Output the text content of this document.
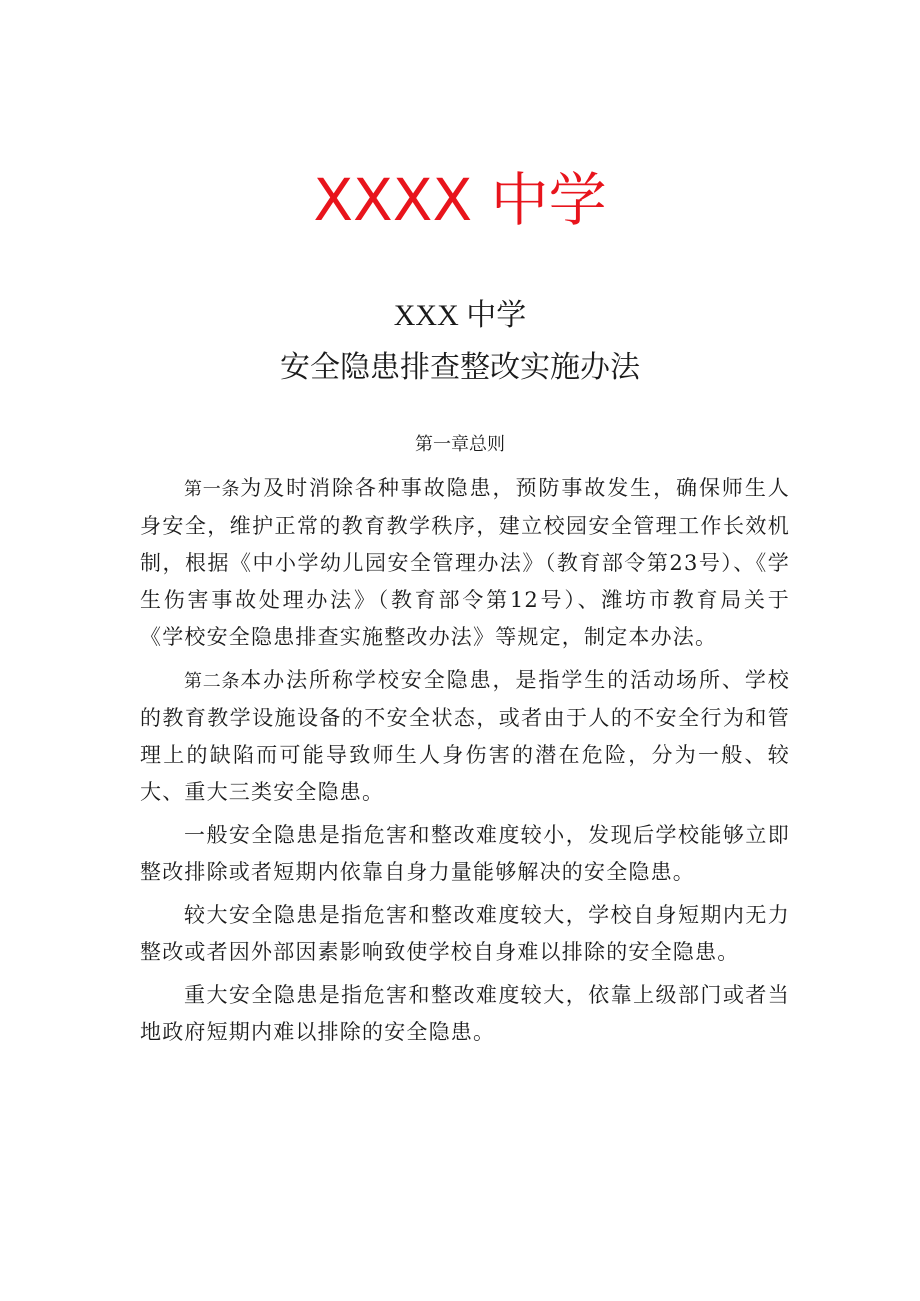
XXXX 中学
XXX 中学
安全隐患排查整改实施办法
第一章总则

第一条为及时消除各种事故隐患，预防事故发生，确保师生人身安全，维护正常的教育教学秩序，建立校园安全管理工作长效机制，根据《中小学幼儿园安全管理办法》（教育部令第23号）、《学生伤害事故处理办法》（教育部令第12号）、潍坊市教育局关于《学校安全隐患排查实施整改办法》等规定，制定本办法。

第二条本办法所称学校安全隐患，是指学生的活动场所、学校的教育教学设施设备的不安全状态，或者由于人的不安全行为和管理上的缺陷而可能导致师生人身伤害的潜在危险，分为一般、较大、重大三类安全隐患。

一般安全隐患是指危害和整改难度较小，发现后学校能够立即整改排除或者短期内依靠自身力量能够解决的安全隐患。

较大安全隐患是指危害和整改难度较大，学校自身短期内无力整改或者因外部因素影响致使学校自身难以排除的安全隐患。

重大安全隐患是指危害和整改难度较大，依靠上级部门或者当地政府短期内难以排除的安全隐患。
